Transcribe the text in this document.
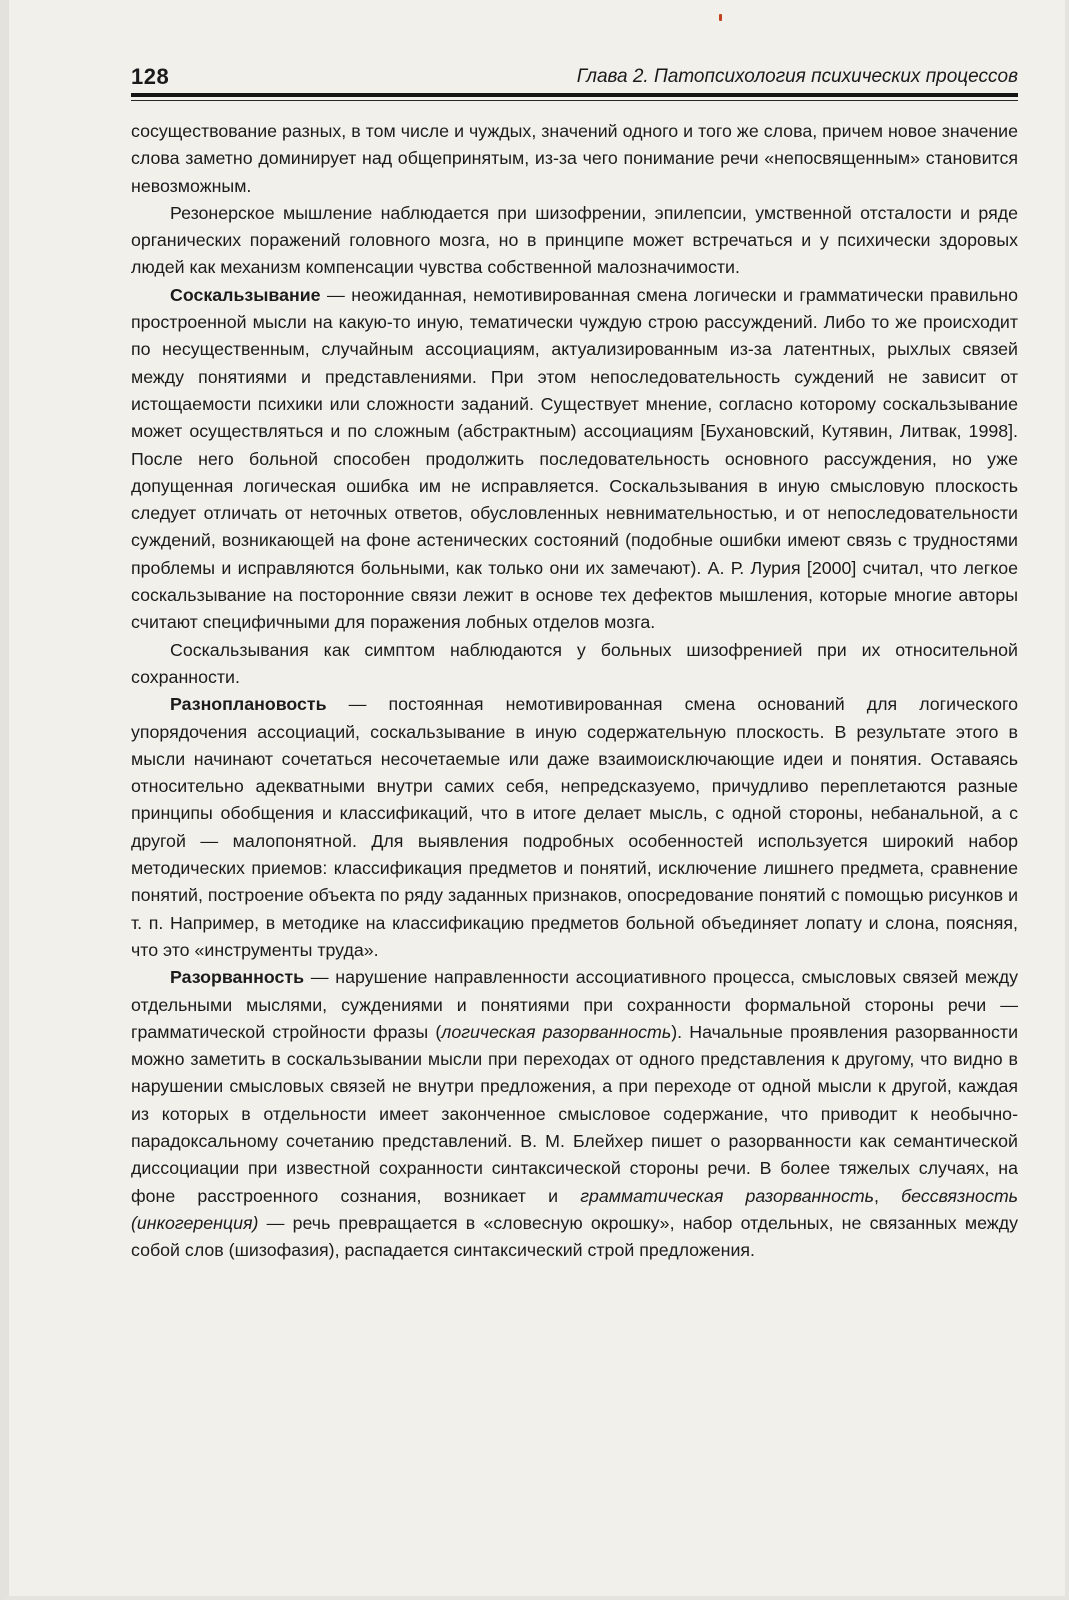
128	Глава 2. Патопсихология психических процессов

сосуществование разных, в том числе и чуждых, значений одного и того же слова, причем новое значение слова заметно доминирует над общепринятым, из-за чего понимание речи «непосвященным» становится невозможным.

Резонерское мышление наблюдается при шизофрении, эпилепсии, умственной отсталости и ряде органических поражений головного мозга, но в принципе может встречаться и у психически здоровых людей как механизм компенсации чувства собственной малозначимости.

Соскальзывание — неожиданная, немотивированная смена логически и грамматически правильно простроенной мысли на какую-то иную, тематически чуждую строю рассуждений. Либо то же происходит по несущественным, случайным ассоциациям, актуализированным из-за латентных, рыхлых связей между понятиями и представлениями. При этом непоследовательность суждений не зависит от истощаемости психики или сложности заданий. Существует мнение, согласно которому соскальзывание может осуществляться и по сложным (абстрактным) ассоциациям [Бухановский, Кутявин, Литвак, 1998]. После него больной способен продолжить последовательность основного рассуждения, но уже допущенная логическая ошибка им не исправляется. Соскальзывания в иную смысловую плоскость следует отличать от неточных ответов, обусловленных невнимательностью, и от непоследовательности суждений, возникающей на фоне астенических состояний (подобные ошибки имеют связь с трудностями проблемы и исправляются больными, как только они их замечают). А. Р. Лурия [2000] считал, что легкое соскальзывание на посторонние связи лежит в основе тех дефектов мышления, которые многие авторы считают специфичными для поражения лобных отделов мозга.

Соскальзывания как симптом наблюдаются у больных шизофренией при их относительной сохранности.

Разноплановость — постоянная немотивированная смена оснований для логического упорядочения ассоциаций, соскальзывание в иную содержательную плоскость. В результате этого в мысли начинают сочетаться несочетаемые или даже взаимоисключающие идеи и понятия. Оставаясь относительно адекватными внутри самих себя, непредсказуемо, причудливо переплетаются разные принципы обобщения и классификаций, что в итоге делает мысль, с одной стороны, небанальной, а с другой — малопонятной. Для выявления подробных особенностей используется широкий набор методических приемов: классификация предметов и понятий, исключение лишнего предмета, сравнение понятий, построение объекта по ряду заданных признаков, опосредование понятий с помощью рисунков и т. п. Например, в методике на классификацию предметов больной объединяет лопату и слона, поясняя, что это «инструменты труда».

Разорванность — нарушение направленности ассоциативного процесса, смысловых связей между отдельными мыслями, суждениями и понятиями при сохранности формальной стороны речи — грамматической стройности фразы (логическая разорванность). Начальные проявления разорванности можно заметить в соскальзывании мысли при переходах от одного представления к другому, что видно в нарушении смысловых связей не внутри предложения, а при переходе от одной мысли к другой, каждая из которых в отдельности имеет законченное смысловое содержание, что приводит к необычно-парадоксальному сочетанию представлений. В. М. Блейхер пишет о разорванности как семантической диссоциации при известной сохранности синтаксической стороны речи. В более тяжелых случаях, на фоне расстроенного сознания, возникает и грамматическая разорванность, бессвязность (инкогеренция) — речь превращается в «словесную окрошку», набор отдельных, не связанных между собой слов (шизофазия), распадается синтаксический строй предложения.
